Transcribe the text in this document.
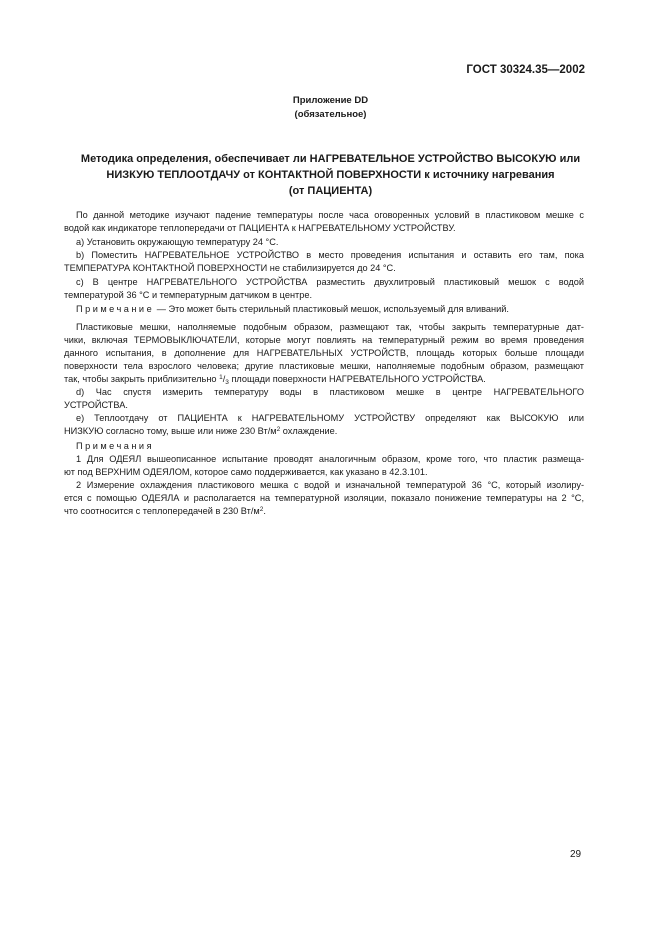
ГОСТ 30324.35—2002
Приложение DD
(обязательное)
Методика определения, обеспечивает ли НАГРЕВАТЕЛЬНОЕ УСТРОЙСТВО ВЫСОКУЮ или
НИЗКУЮ ТЕПЛООТДАЧУ от КОНТАКТНОЙ ПОВЕРХНОСТИ к источнику нагревания
(от ПАЦИЕНТА)
По данной методике изучают падение температуры после часа оговоренных условий в пластиковом мешке с
водой как индикаторе теплопередачи от ПАЦИЕНТА к НАГРЕВАТЕЛЬНОМУ УСТРОЙСТВУ.
a) Установить окружающую температуру 24 °С.
b) Поместить НАГРЕВАТЕЛЬНОЕ УСТРОЙСТВО в место проведения испытания и оставить его там, пока
ТЕМПЕРАТУРА КОНТАКТНОЙ ПОВЕРХНОСТИ не стабилизируется до 24 °С.
c) В центре НАГРЕВАТЕЛЬНОГО УСТРОЙСТВА разместить двухлитровый пластиковый мешок с водой
температурой 36 °С и температурным датчиком в центре.
Примечание — Это может быть стерильный пластиковый мешок, используемый для вливаний.
Пластиковые мешки, наполняемые подобным образом, размещают так, чтобы закрыть температурные дат-
чики, включая ТЕРМОВЫКЛЮЧАТЕЛИ, которые могут повлиять на температурный режим во время проведения
данного испытания, в дополнение для НАГРЕВАТЕЛЬНЫХ УСТРОЙСТВ, площадь которых больше площади
поверхности тела взрослого человека; другие пластиковые мешки, наполняемые подобным образом, размещают
так, чтобы закрыть приблизительно $^1/_3$ площади поверхности НАГРЕВАТЕЛЬНОГО УСТРОЙСТВА.
d) Час спустя измерить температуру воды в пластиковом мешке в центре НАГРЕВАТЕЛЬНОГО
УСТРОЙСТВА.
e) Теплоотдачу от ПАЦИЕНТА к НАГРЕВАТЕЛЬНОМУ УСТРОЙСТВУ определяют как ВЫСОКУЮ или
НИЗКУЮ согласно тому, выше или ниже 230 $Вт/м^2$ охлаждение.
Примечания
1 Для ОДЕЯЛ вышеописанное испытание проводят аналогичным образом, кроме того, что пластик размеща-
ют под ВЕРХНИМ ОДЕЯЛОМ, которое само поддерживается, как указано в 42.3.101.
2 Измерение охлаждения пластикового мешка с водой и изначальной температурой 36 °С, который изолиру-
ется с помощью ОДЕЯЛА и располагается на температурной изоляции, показало понижение температуры на 2 °С,
что соотносится с теплопередачей в 230 $Вт/м^2$.
29
